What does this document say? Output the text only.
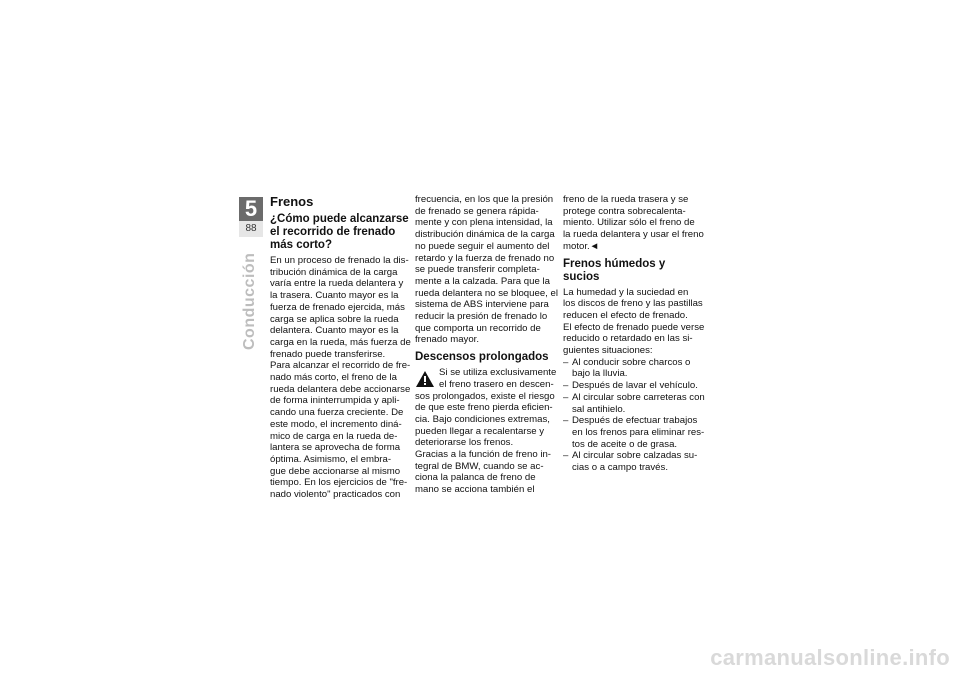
5
88
Conducción
Frenos
¿Cómo puede alcanzarse
el recorrido de frenado
más corto?
En un proceso de frenado la dis-
tribución dinámica de la carga
varía entre la rueda delantera y
la trasera. Cuanto mayor es la
fuerza de frenado ejercida, más
carga se aplica sobre la rueda
delantera. Cuanto mayor es la
carga en la rueda, más fuerza de
frenado puede transferirse.
Para alcanzar el recorrido de fre-
nado más corto, el freno de la
rueda delantera debe accionarse
de forma ininterrumpida y apli-
cando una fuerza creciente. De
este modo, el incremento diná-
mico de carga en la rueda de-
lantera se aprovecha de forma
óptima. Asimismo, el embra-
gue debe accionarse al mismo
tiempo. En los ejercicios de "fre-
nado violento" practicados con
frecuencia, en los que la presión
de frenado se genera rápida-
mente y con plena intensidad, la
distribución dinámica de la carga
no puede seguir el aumento del
retardo y la fuerza de frenado no
se puede transferir completa-
mente a la calzada. Para que la
rueda delantera no se bloquee, el
sistema de ABS interviene para
reducir la presión de frenado lo
que comporta un recorrido de
frenado mayor.
Descensos prolongados
Si se utiliza exclusivamente
el freno trasero en descen-
sos prolongados, existe el riesgo
de que este freno pierda eficien-
cia. Bajo condiciones extremas,
pueden llegar a recalentarse y
deteriorarse los frenos.
Gracias a la función de freno in-
tegral de BMW, cuando se ac-
ciona la palanca de freno de
mano se acciona también el
freno de la rueda trasera y se
protege contra sobrecalenta-
miento. Utilizar sólo el freno de
la rueda delantera y usar el freno
motor.◄
Frenos húmedos y sucios
La humedad y la suciedad en
los discos de freno y las pastillas
reducen el efecto de frenado.
El efecto de frenado puede verse
reducido o retardado en las si-
guientes situaciones:
– Al conducir sobre charcos o
bajo la lluvia.
– Después de lavar el vehículo.
– Al circular sobre carreteras con
sal antihielo.
– Después de efectuar trabajos
en los frenos para eliminar res-
tos de aceite o de grasa.
– Al circular sobre calzadas su-
cias o a campo través.
carmanualsonline.info
